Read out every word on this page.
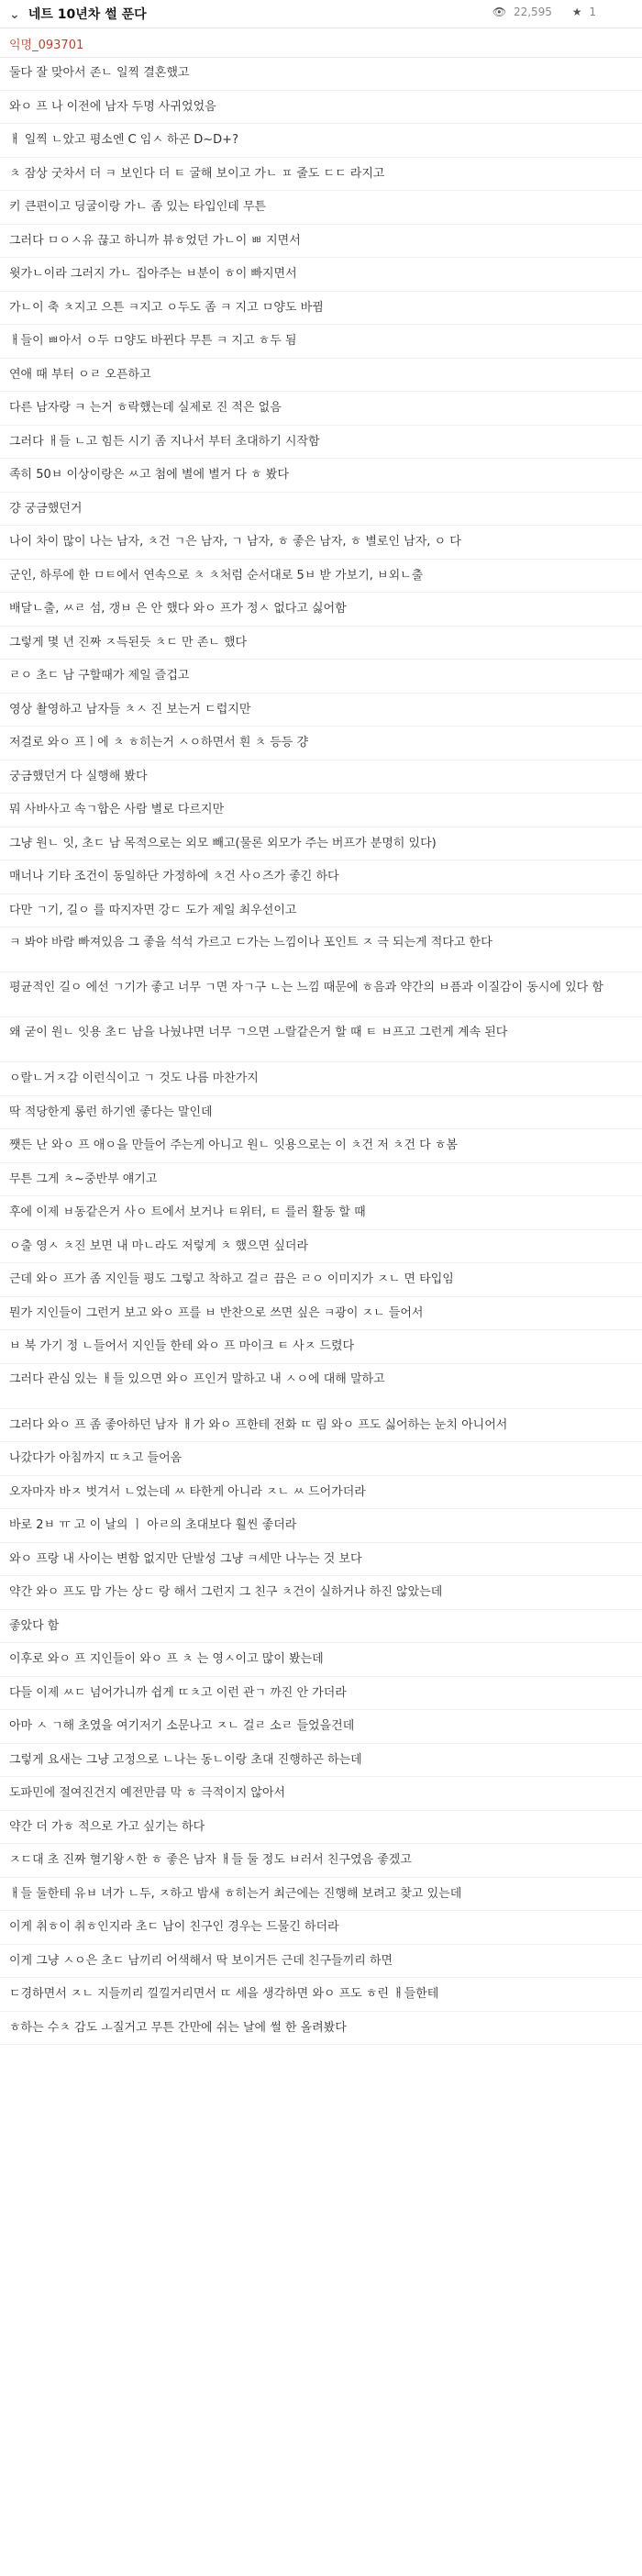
⌄ 네트 10년차 썰 푼다	👁 22,595 ★ 1
익명_093701
둘다 잘 맞아서 존ㄴ 일찍 결혼했고
와ㅇ 프 나 이전에 남자 두명 사귀었었음
ㅐ 일찍 ㄴ았고 평소엔 C 임ㅅ 하곤 D~D+?
ㅊ 잠상 굿차서 더 ㅋ 보인다 더 ㅌ 굴해 보이고 가ㄴ ㅍ 줄도 ㄷㄷ 라지고
키 큰편이고 딩굴이랑 가ㄴ 좀 있는 타입인데 무튼
그러다 ㅁㅇㅅ유 끊고 하니까 뷰ㅎ었던 가ㄴ이 ㅃ 지면서
윗가ㄴ이라 그러지 가ㄴ 집아주는 ㅂ분이 ㅎ이 빠지면서
가ㄴ이 축 ㅊ지고 으튼 ㅋ지고 ㅇ두도 좀 ㅋ 지고 ㅁ양도 바뀜
ㅐ들이 ㅃ아서 ㅇ두 ㅁ양도 바뀐다 무튼 ㅋ 지고 ㅎ두 됨
연애 때 부터 ㅇㄹ 오픈하고
다른 남자랑 ㅋ 는거 ㅎ락했는데 실제로 진 적은 없음
그러다 ㅐ들 ㄴ고 힘든 시기 좀 지나서 부터 초대하기 시작함
족히 50ㅂ 이상이랑은 ㅆ고 첨에 별에 별거 다 ㅎ 봤다
걍 궁금했던거
나이 차이 많이 나는 남자, ㅊ건 ㄱ은 남자, ㄱ 남자, ㅎ 좋은 남자, ㅎ 별로인 남자, ㅇ 다
군인, 하루에 한 ㅁㅌ에서 연속으로 ㅊ ㅊ처럼 순서대로 5ㅂ 받 가보기, ㅂ외ㄴ출
배달ㄴ출, ㅆㄹ 섬, 갱ㅂ 은 안 했다 와ㅇ 프가 정ㅅ 없다고 싫어함
그렇게 몇 년 진짜 ㅈ득된듯 ㅊㄷ 만 존ㄴ 했다
ㄹㅇ 초ㄷ 남 구할때가 제일 즐겁고
영상 촬영하고 남자들 ㅊㅅ 진 보는거 ㄷ럽지만
저걸로 와ㅇ 프ㅣ에 ㅊ ㅎ히는거 ㅅㅇ하면서 흰 ㅊ 등등 걍
궁금했던거 다 실행해 봤다
뭐 사바사고 속ㄱ합은 사람 별로 다르지만
그냥 원ㄴ 잇, 초ㄷ 남 목적으로는 외모 빼고(물론 외모가 주는 버프가 분명히 있다)
매너나 기타 조건이 동일하단 가정하에 ㅊ건 사ㅇ즈가 좋긴 하다
다만 ㄱ기, 길ㅇ 를 따지자면 강ㄷ 도가 제일 최우선이고
ㅋ 봐야 바람 빠져있음 그 좋을 석석 가르고 ㄷ가는 느낌이나 포인트 ㅈ 극 되는게 적다고 한다
평균적인 길ㅇ 에선 ㄱ기가 좋고 너무 ㄱ면 자ㄱ구 ㄴ는 느낌 때문에 ㅎ음과 약간의 ㅂ픔과 이질감이 동시에 있다 함
왜 굳이 원ㄴ 잇용 초ㄷ 남을 나눴냐면 너무 ㄱ으면 ㅗ랄같은거 할 때 ㅌ ㅂ프고 그런게 계속 된다
ㅇ랄ㄴ거ㅈ감 이런식이고 ㄱ 것도 나름 마찬가지
딱 적당한게 롱런 하기엔 좋다는 말인데
쨋든 난 와ㅇ 프 애ㅇ을 만들어 주는게 아니고 원ㄴ 잇용으로는 이 ㅊ건 저 ㅊ건 다 ㅎ봄
무튼 그게 ㅊ~중반부 얘기고
후에 이제 ㅂ동같은거 사ㅇ 트에서 보거나 ㅌ위터, ㅌ 를러 활동 할 때
ㅇ출 영ㅅ ㅊ진 보면 내 마ㄴ라도 저렇게 ㅊ 했으면 싶더라
근데 와ㅇ 프가 좀 지인들 평도 그렇고 착하고 걸ㄹ 끔은 ㄹㅇ 이미지가 ㅈㄴ 면 타입임
뭔가 지인들이 그런거 보고 와ㅇ 프를 ㅂ 반찬으로 쓰면 싶은 ㅋ광이 ㅈㄴ 들어서
ㅂ 북 가기 정 ㄴ들어서 지인들 한테 와ㅇ 프 마이크 ㅌ 사ㅈ 드렸다
그러다 관심 있는 ㅐ들 있으면 와ㅇ 프인거 말하고 내 ㅅㅇ에 대해 말하고
그러다 와ㅇ 프 좀 좋아하던 남자 ㅐ가 와ㅇ 프한테 전화 ㄸ 림 와ㅇ 프도 싫어하는 눈치 아니어서
나갔다가 아침까지 ㄸㅊ고 들어옴
오자마자 바ㅈ 벗겨서 ㄴ었는데 ㅆ 타한게 아니라 ㅈㄴ ㅆ 드어가더라
바로 2ㅂ ㅠ 고 이 날의 ㅣ 아ㄹ의 초대보다 훨씬 좋더라
와ㅇ 프랑 내 사이는 변함 없지만 단발성 그냥 ㅋ세만 나누는 것 보다
약간 와ㅇ 프도 맘 가는 상ㄷ 랑 해서 그런지 그 친구 ㅊ건이 실하거나 하진 않았는데
좋았다 함
이후로 와ㅇ 프 지인들이 와ㅇ 프 ㅊ 는 영ㅅ이고 많이 봤는데
다들 이제 ㅆㄷ 넘어가니까 쉽게 ㄸㅊ고 이런 관ㄱ 까진 안 가더라
아마 ㅅ ㄱ해 초였을 여기저기 소문나고 ㅈㄴ 걸ㄹ 소ㄹ 들었을건데
그렇게 요새는 그냥 고정으로 ㄴ나는 동ㄴ이랑 초대 진행하곤 하는데
도파민에 절여진건지 예전만큼 막 ㅎ 극적이지 않아서
약간 더 가ㅎ 적으로 가고 싶기는 하다
ㅈㄷ대 초 진짜 혈기왕ㅅ한 ㅎ 좋은 남자 ㅐ들 둘 정도 ㅂ러서 친구였음 좋겠고
ㅐ들 둘한테 유ㅂ 녀가 ㄴ두, ㅈ하고 밤새 ㅎ히는거 최근에는 진행해 보려고 찾고 있는데
이게 취ㅎ이 취ㅎ인지라 초ㄷ 남이 친구인 경우는 드물긴 하더라
이게 그냥 ㅅㅇ은 초ㄷ 남끼리 어색해서 딱 보이거든 근데 친구들끼리 하면
ㄷ경하면서 ㅈㄴ 지들끼리 낄낄거리면서 ㄸ 세을 생각하면 와ㅇ 프도 ㅎ린 ㅐ들한테
ㅎ하는 수ㅊ 감도 ㅗ질거고 무튼 간만에 쉬는 날에 썰 한 올려봤다
